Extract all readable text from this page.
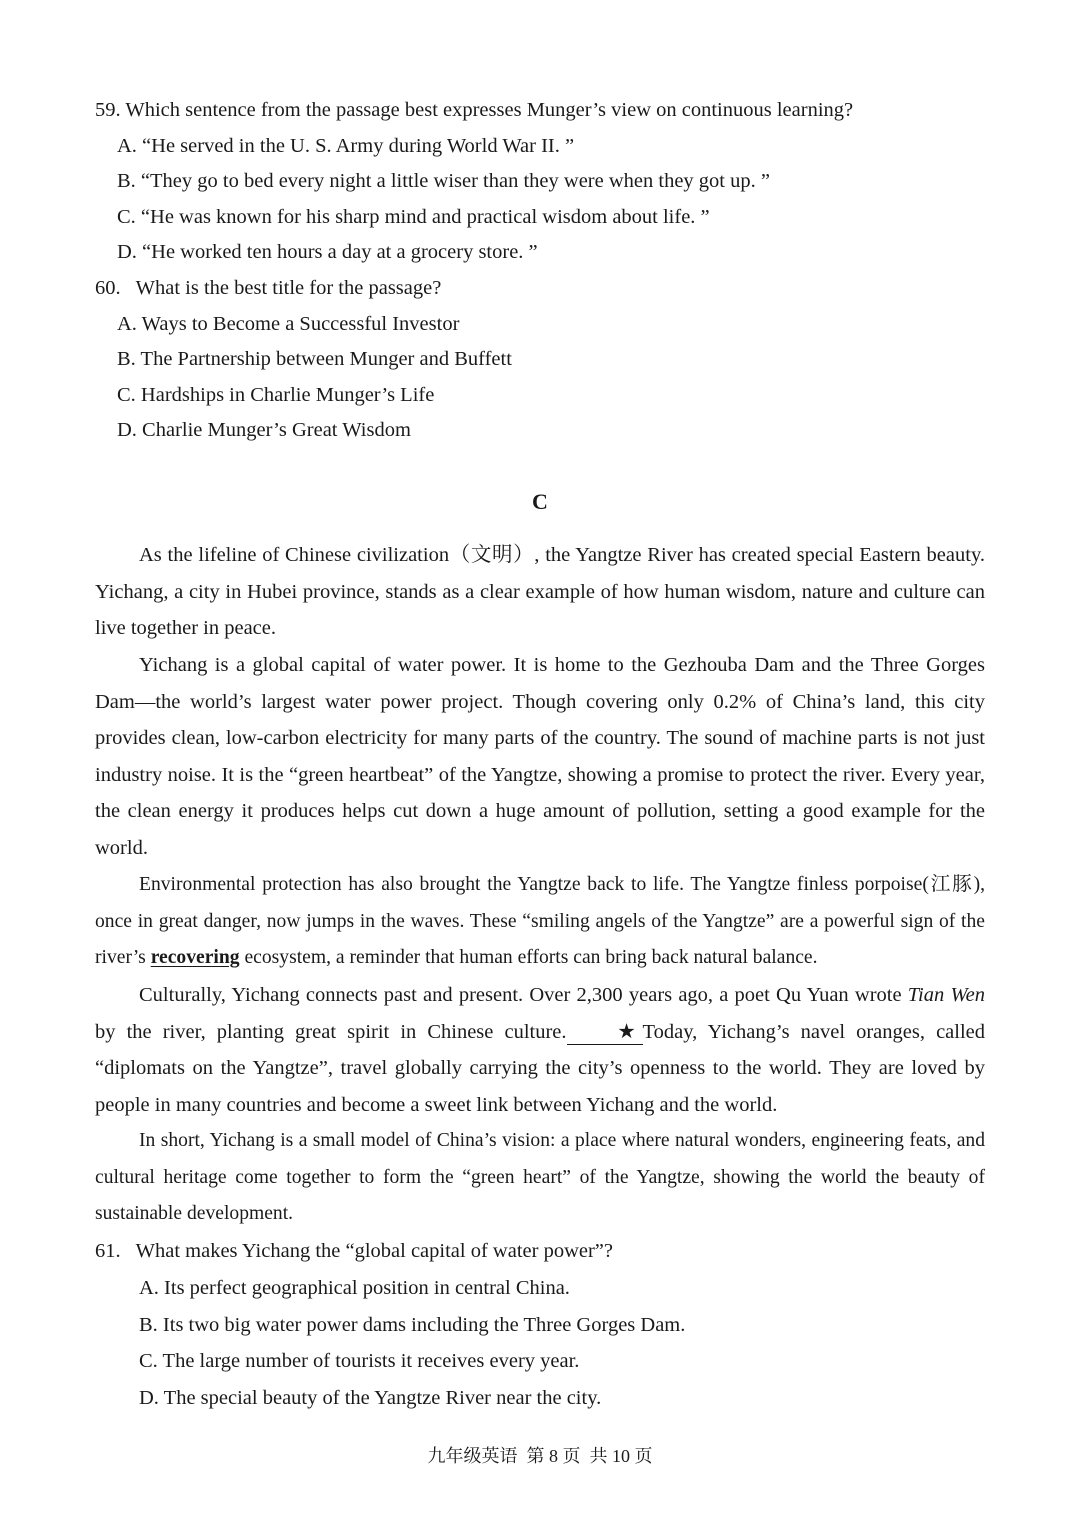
59. Which sentence from the passage best expresses Munger’s view on continuous learning?
A. “He served in the U. S. Army during World War II. ”
B. “They go to bed every night a little wiser than they were when they got up. ”
C. “He was known for his sharp mind and practical wisdom about life. ”
D. “He worked ten hours a day at a grocery store. ”
60.   What is the best title for the passage?
A. Ways to Become a Successful Investor
B. The Partnership between Munger and Buffett
C. Hardships in Charlie Munger’s Life
D. Charlie Munger’s Great Wisdom
C

As the lifeline of Chinese civilization（文明）, the Yangtze River has created special Eastern beauty. Yichang, a city in Hubei province, stands as a clear example of how human wisdom, nature and culture can live together in peace.

Yichang is a global capital of water power. It is home to the Gezhouba Dam and the Three Gorges Dam—the world’s largest water power project. Though covering only 0.2% of China’s land, this city provides clean, low-carbon electricity for many parts of the country. The sound of machine parts is not just industry noise. It is the “green heartbeat” of the Yangtze, showing a promise to protect the river. Every year, the clean energy it produces helps cut down a huge amount of pollution, setting a good example for the world.

Environmental protection has also brought the Yangtze back to life. The Yangtze finless porpoise(江豚), once in great danger, now jumps in the waves. These “smiling angels of the Yangtze” are a powerful sign of the river’s recovering ecosystem, a reminder that human efforts can bring back natural balance.

Culturally, Yichang connects past and present. Over 2,300 years ago, a poet Qu Yuan wrote Tian Wen by the river, planting great spirit in Chinese culture. ★ Today, Yichang’s navel oranges, called “diplomats on the Yangtze”, travel globally carrying the city’s openness to the world. They are loved by people in many countries and become a sweet link between Yichang and the world.

In short, Yichang is a small model of China’s vision: a place where natural wonders, engineering feats, and cultural heritage come together to form the “green heart” of the Yangtze, showing the world the beauty of sustainable development.

61.   What makes Yichang the “global capital of water power”?
A. Its perfect geographical position in central China.
B. Its two big water power dams including the Three Gorges Dam.
C. The large number of tourists it receives every year.
D. The special beauty of the Yangtze River near the city.
九年级英语  第 8 页  共 10 页
